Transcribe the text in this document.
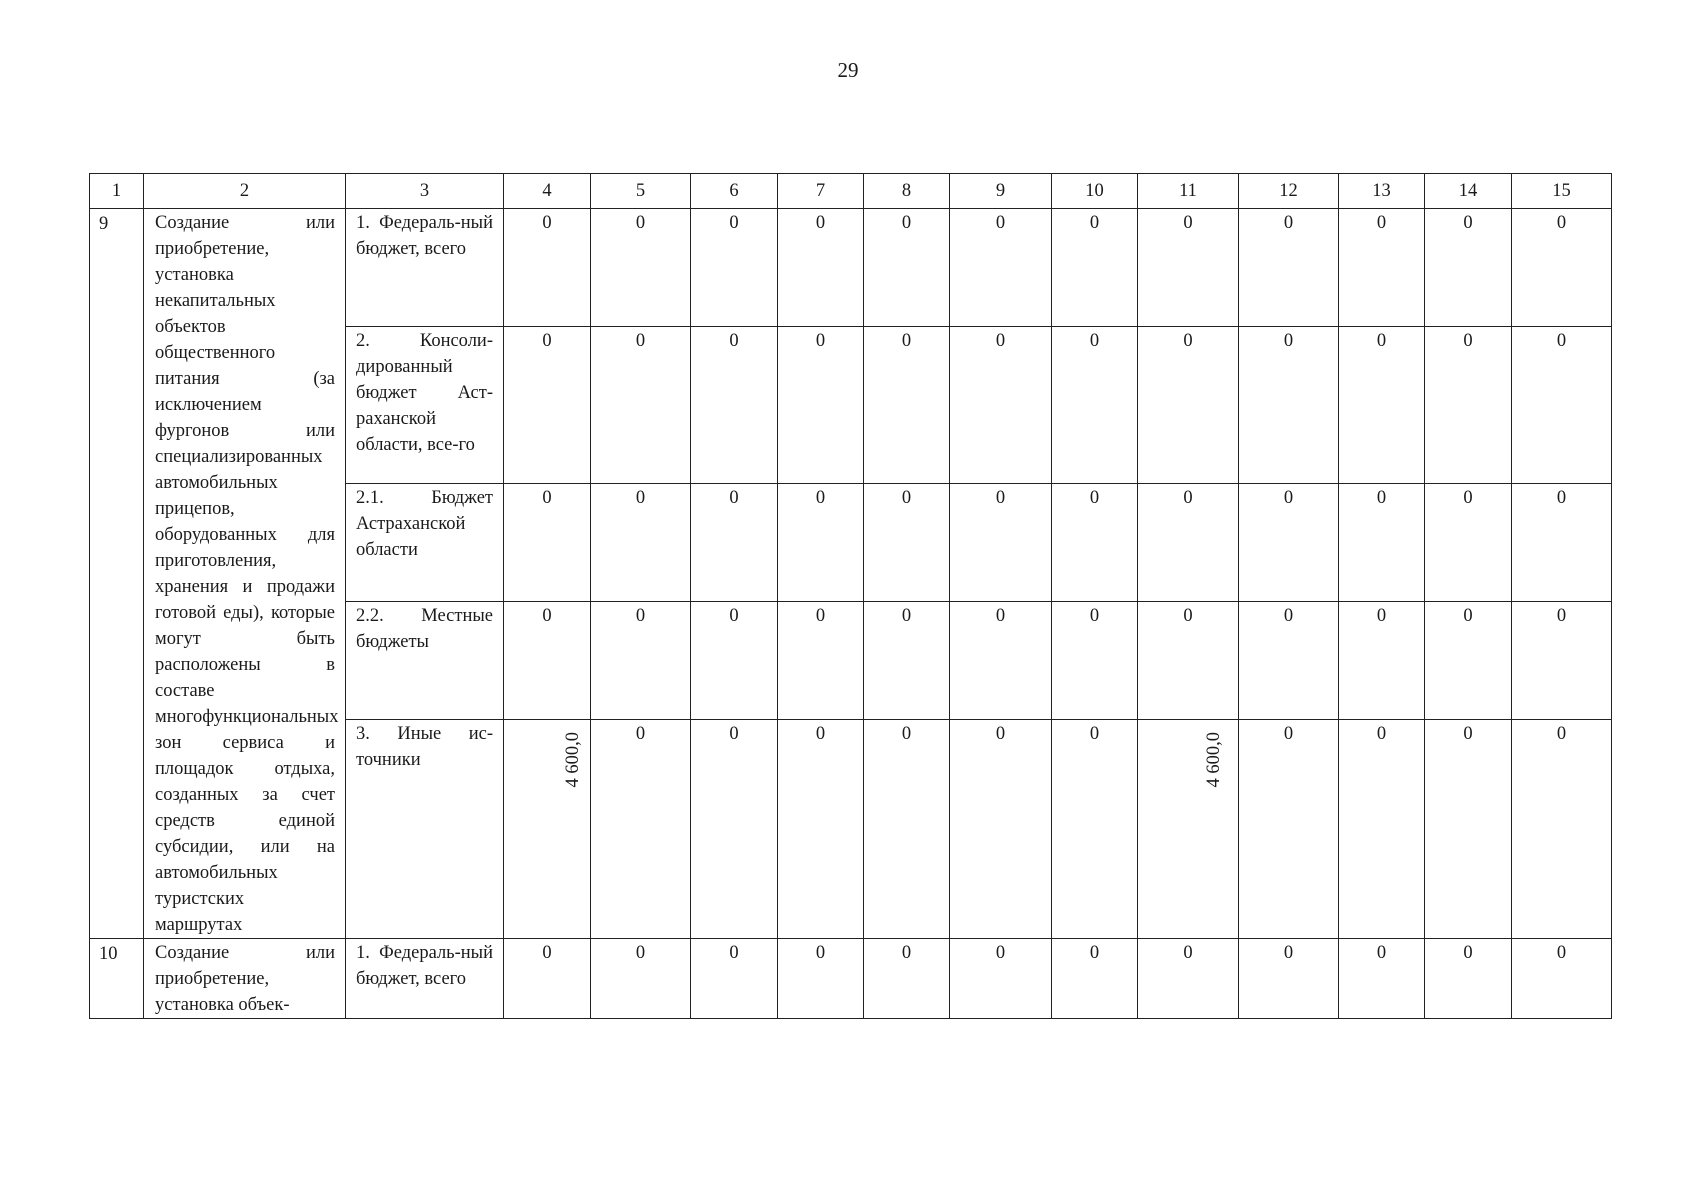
29
1	2	3	4	5	6	7	8	9	10	11	12	13	14	15
9	Создание или приобретение, установка некапитальных объектов общественного питания (за исключением фургонов или специализированных автомобильных прицепов, оборудованных для приготовления, хранения и продажи готовой еды), которые могут быть расположены в составе многофункциональных зон сервиса и площадок отдыха, созданных за счет средств единой субсидии, или на автомобильных туристских маршрутах	1. Федераль-ный бюджет, всего	0	0	0	0	0	0	0	0	0	0	0	0
		2. Консоли-дированный бюджет Аст-раханской области, все-го	0	0	0	0	0	0	0	0	0	0	0	0
		2.1. Бюджет Астраханской области	0	0	0	0	0	0	0	0	0	0	0	0
		2.2. Местные бюджеты	0	0	0	0	0	0	0	0	0	0	0	0
		3. Иные ис-точники	4 600,0	0	0	0	0	0	0	4 600,0	0	0	0	0
10	Создание или приобретение, установка объек-	1. Федераль-ный бюджет, всего	0	0	0	0	0	0	0	0	0	0	0	0
